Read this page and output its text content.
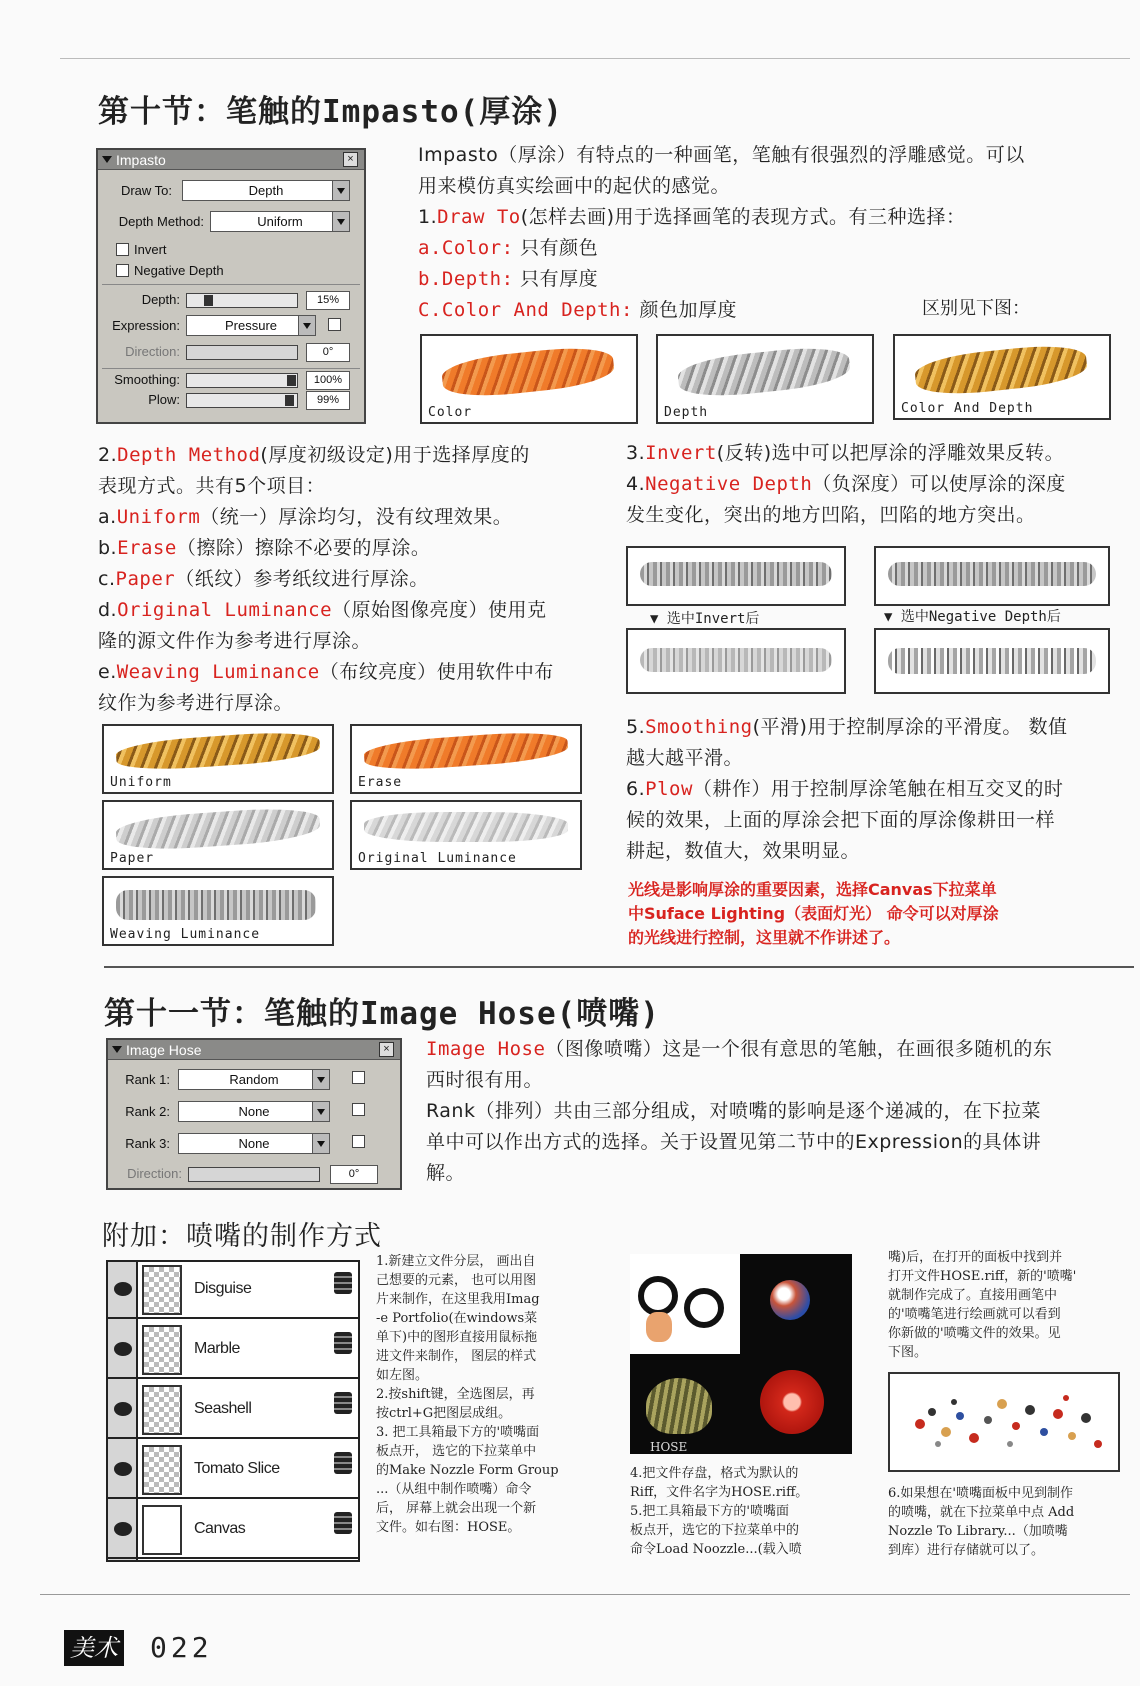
第十节：笔触的Impasto(厚涂)
Impasto	×
Draw To:	Depth
Depth Method:	Uniform
Invert
Negative Depth
Depth:	15%
Expression:	Pressure
Direction:	0°
Smoothing:	100%
Plow:	99%
Impasto（厚涂）有特点的一种画笔，笔触有很强烈的浮雕感觉。可以
用来模仿真实绘画中的起伏的感觉。
1.Draw To(怎样去画)用于选择画笔的表现方式。有三种选择：
a.Color: 只有颜色
b.Depth: 只有厚度
C.Color And Depth: 颜色加厚度	区别见下图：
Color	Depth	Color And Depth
2.Depth Method(厚度初级设定)用于选择厚度的
表现方式。共有5个项目：
a.Uniform（统一）厚涂均匀，没有纹理效果。
b.Erase（擦除）擦除不必要的厚涂。
c.Paper（纸纹）参考纸纹进行厚涂。
d.Original Luminance（原始图像亮度）使用克
隆的源文件作为参考进行厚涂。
e.Weaving Luminance（布纹亮度）使用软件中布
纹作为参考进行厚涂。
Uniform	Erase
Paper	Original Luminance
Weaving Luminance
3.Invert(反转)选中可以把厚涂的浮雕效果反转。
4.Negative Depth（负深度）可以使厚涂的深度
发生变化，突出的地方凹陷，凹陷的地方突出。
▼ 选中Invert后	▼ 选中Negative Depth后
5.Smoothing(平滑)用于控制厚涂的平滑度。 数值
越大越平滑。
6.Plow（耕作）用于控制厚涂笔触在相互交叉的时
候的效果，上面的厚涂会把下面的厚涂像耕田一样
耕起，数值大，效果明显。
光线是影响厚涂的重要因素，选择Canvas下拉菜单
中Suface Lighting（表面灯光） 命令可以对厚涂
的光线进行控制，这里就不作讲述了。
第十一节：笔触的Image Hose(喷嘴)
Image Hose	×
Rank 1:	Random
Rank 2:	None
Rank 3:	None
Direction:	0°
Image Hose（图像喷嘴）这是一个很有意思的笔触，在画很多随机的东
西时很有用。
Rank（排列）共由三部分组成，对喷嘴的影响是逐个递减的，在下拉菜
单中可以作出方式的选择。关于设置见第二节中的Expression的具体讲
解。
附加：喷嘴的制作方式
Disguise
Marble
Seashell
Tomato Slice
Canvas
1.新建立文件分层， 画出自
己想要的元素， 也可以用图
片来制作，在这里我用Imag
-e Portfolio(在windows菜
单下)中的图形直接用鼠标拖
进文件来制作， 图层的样式
如左图。
2.按shift键，全选图层，再
按ctrl+G把图层成组。
3. 把工具箱最下方的'喷嘴面
板点开， 选它的下拉菜单中
的Make Nozzle Form Group
...（从组中制作喷嘴）命令
后， 屏幕上就会出现一个新
文件。如右图：HOSE。
HOSE
4.把文件存盘，格式为默认的
Riff，文件名字为HOSE.riff。
5.把工具箱最下方的'喷嘴面
板点开，选它的下拉菜单中的
命令Load Noozzle...(载入喷
嘴)后，在打开的面板中找到并
打开文件HOSE.riff，新的'喷嘴'
就制作完成了。直接用画笔中
的'喷嘴笔进行绘画就可以看到
你新做的'喷嘴文件的效果。见
下图。
6.如果想在'喷嘴面板中见到制作
的喷嘴，就在下拉菜单中点 Add
Nozzle To Library...（加喷嘴
到库）进行存储就可以了。
美术 022
